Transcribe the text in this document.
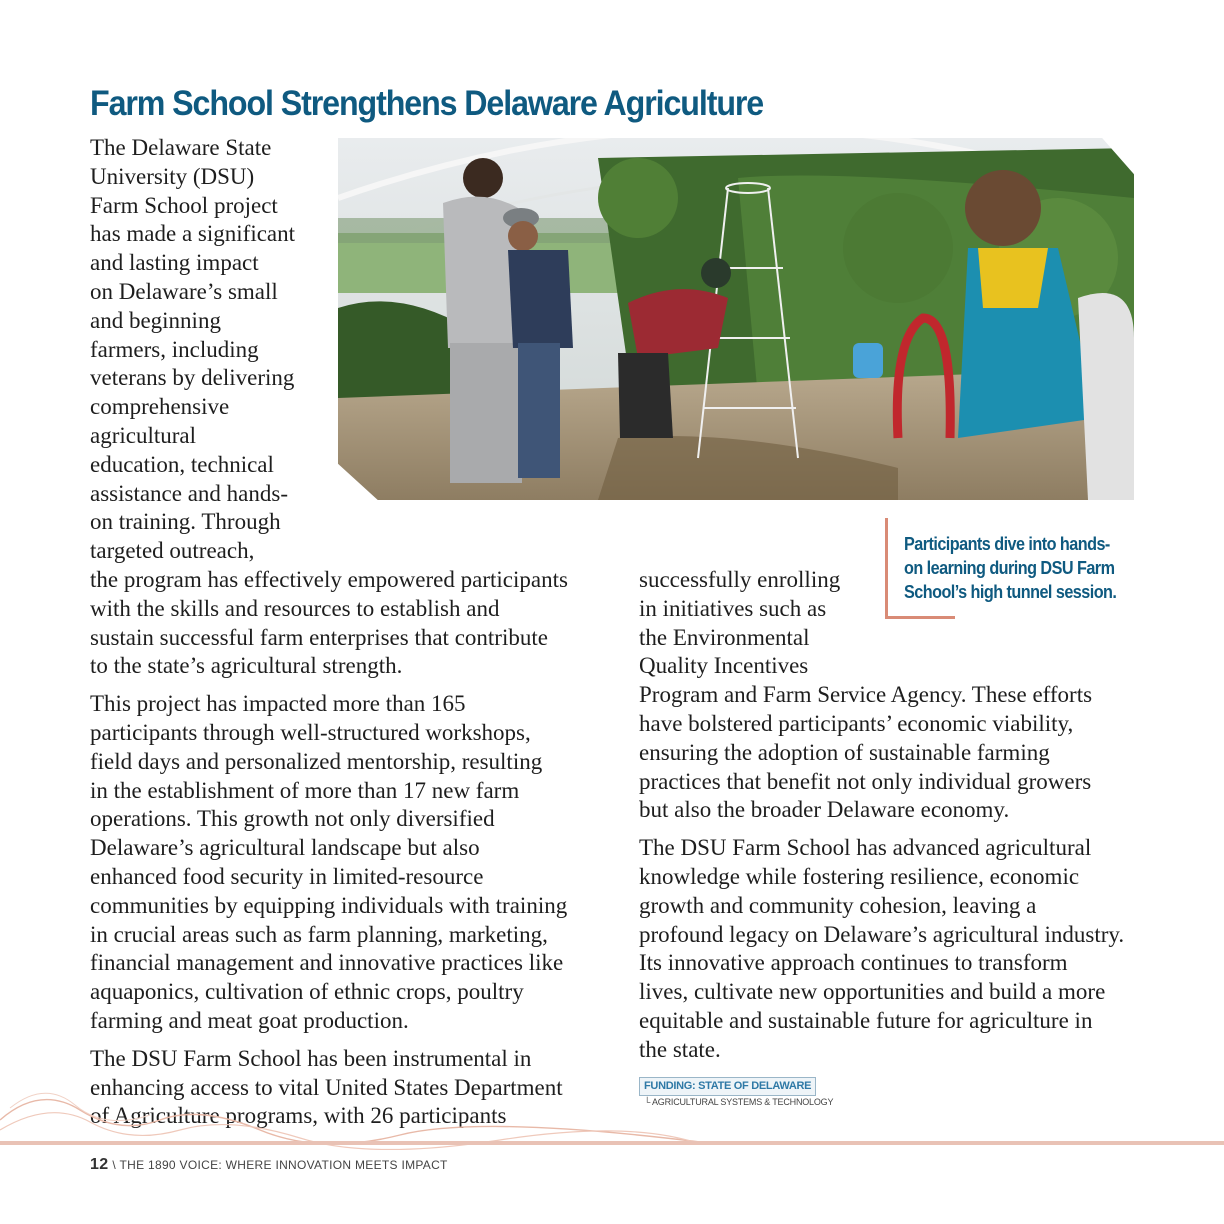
Farm School Strengthens Delaware Agriculture
The Delaware State
University (DSU)
Farm School project
has made a significant
and lasting impact
on Delaware’s small
and beginning
farmers, including
veterans by delivering
comprehensive
agricultural
education, technical
assistance and hands-
on training. Through
targeted outreach,
the program has effectively empowered participants
with the skills and resources to establish and
sustain successful farm enterprises that contribute
to the state’s agricultural strength.
This project has impacted more than 165
participants through well-structured workshops,
field days and personalized mentorship, resulting
in the establishment of more than 17 new farm
operations. This growth not only diversified
Delaware’s agricultural landscape but also
enhanced food security in limited-resource
communities by equipping individuals with training
in crucial areas such as farm planning, marketing,
financial management and innovative practices like
aquaponics, cultivation of ethnic crops, poultry
farming and meat goat production.
The DSU Farm School has been instrumental in
enhancing access to vital United States Department
of Agriculture programs, with 26 participants
successfully enrolling
in initiatives such as
the Environmental
Quality Incentives
Program and Farm Service Agency. These efforts
have bolstered participants’ economic viability,
ensuring the adoption of sustainable farming
practices that benefit not only individual growers
but also the broader Delaware economy.
The DSU Farm School has advanced agricultural
knowledge while fostering resilience, economic
growth and community cohesion, leaving a
profound legacy on Delaware’s agricultural industry.
Its innovative approach continues to transform
lives, cultivate new opportunities and build a more
equitable and sustainable future for agriculture in
the state.
Participants dive into hands-
on learning during DSU Farm
School’s high tunnel session.
FUNDING: STATE OF DELAWARE
└ AGRICULTURAL SYSTEMS & TECHNOLOGY
12 \ THE 1890 VOICE: WHERE INNOVATION MEETS IMPACT
